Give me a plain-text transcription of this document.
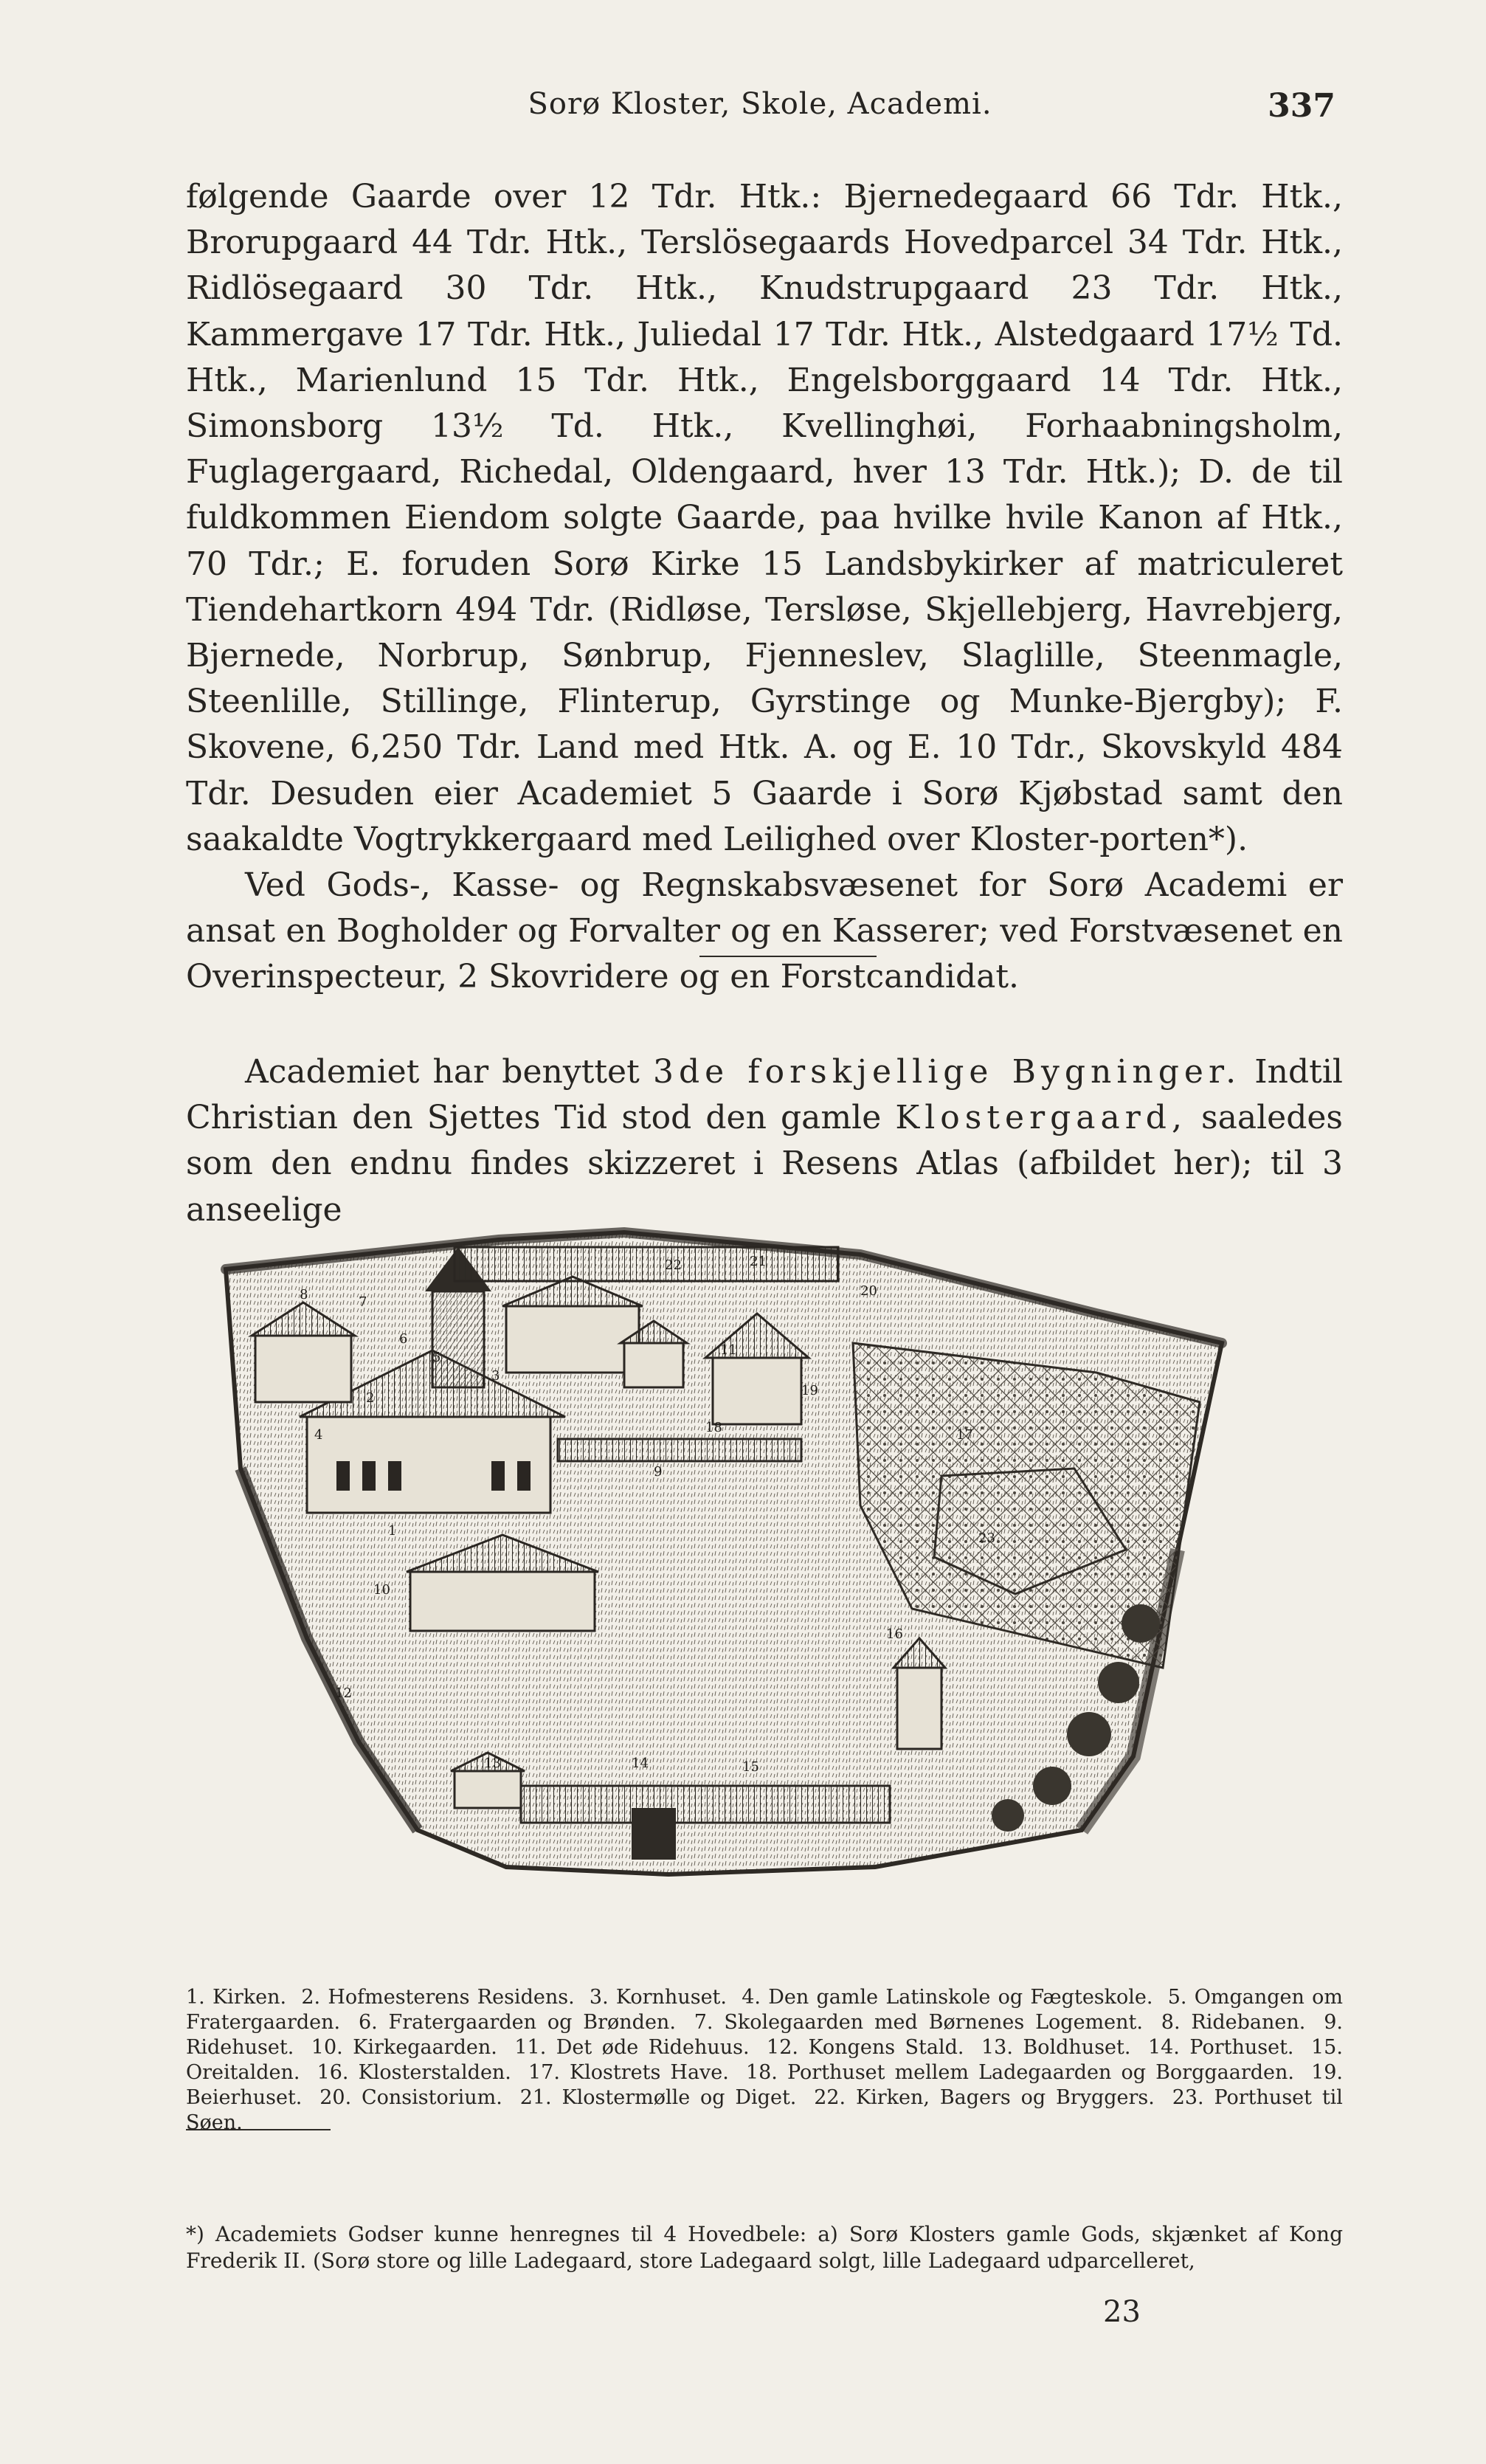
Sorø Kloster, Skole, Academi.	337

følgende Gaarde over 12 Tdr. Htk.: Bjernedegaard 66 Tdr. Htk., Brorupgaard 44 Tdr. Htk., Terslösegaards Hovedparcel 34 Tdr. Htk., Ridlösegaard 30 Tdr. Htk., Knudstrupgaard 23 Tdr. Htk., Kammergave 17 Tdr. Htk., Juliedal 17 Tdr. Htk., Alstedgaard 17½ Td. Htk., Marienlund 15 Tdr. Htk., Engelsborggaard 14 Tdr. Htk., Simonsborg 13½ Td. Htk., Kvellinghøi, Forhaabningsholm, Fuglagergaard, Richedal, Oldengaard, hver 13 Tdr. Htk.); D. de til fuldkommen Eiendom solgte Gaarde, paa hvilke hvile Kanon af Htk., 70 Tdr.; E. foruden Sorø Kirke 15 Landsbykirker af matriculeret Tiendehartkorn 494 Tdr. (Ridløse, Tersløse, Skjellebjerg, Havrebjerg, Bjernede, Norbrup, Sønbrup, Fjenneslev, Slaglille, Steenmagle, Steenlille, Stillinge, Flinterup, Gyrstinge og Munke-Bjergby); F. Skovene, 6,250 Tdr. Land med Htk. A. og E. 10 Tdr., Skovskyld 484 Tdr. Desuden eier Academiet 5 Gaarde i Sorø Kjøbstad samt den saakaldte Vogtrykkergaard med Leilighed over Kloster-porten*).

Ved Gods-, Kasse- og Regnskabsvæsenet for Sorø Academi er ansat en Bogholder og Forvalter og en Kasserer; ved Forstvæsenet en Overinspecteur, 2 Skovridere og en Forstcandidat.

Academiet har benyttet 3de forskjellige Bygninger. Indtil Christian den Sjettes Tid stod den gamle Klostergaard, saaledes som den endnu findes skizzeret i Resens Atlas (afbildet her); til 3 anseelige

1
2
3
4
5
6
7
8
9
10
11
12
13	14	15
16
17
18
19
20
21
22
23
1. Kirken. 2. Hofmesterens Residens. 3. Kornhuset. 4. Den gamle Latinskole og Fægteskole. 5. Omgangen om Fratergaarden. 6. Fratergaarden og Brønden. 7. Skolegaarden med Børnenes Logement. 8. Ridebanen. 9. Ridehuset. 10. Kirkegaarden. 11. Det øde Ridehuus. 12. Kongens Stald. 13. Boldhuset. 14. Porthuset. 15. Oreitalden. 16. Klosterstalden. 17. Klostrets Have. 18. Porthuset mellem Ladegaarden og Borggaarden. 19. Beierhuset. 20. Consistorium. 21. Klostermølle og Diget. 22. Kirken, Bagers og Bryggers. 23. Porthuset til Søen.
*) Academiets Godser kunne henregnes til 4 Hovedbele: a) Sorø Klosters gamle Gods, skjænket af Kong Frederik II. (Sorø store og lille Ladegaard, store Ladegaard solgt, lille Ladegaard udparcelleret,
23
